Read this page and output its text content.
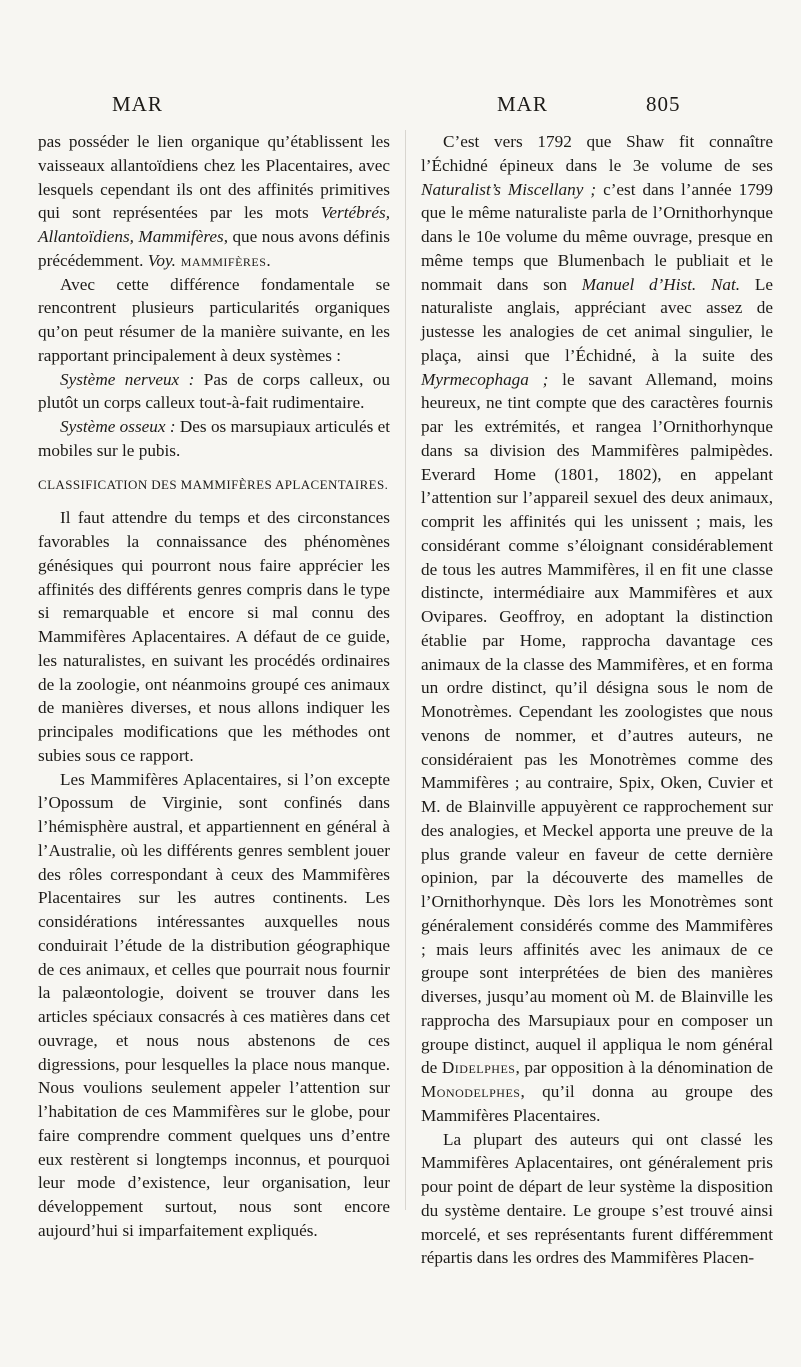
MAR	MAR	805

pas posséder le lien organique qu’établissent les vaisseaux allantoïdiens chez les Placentaires, avec lesquels cependant ils ont des affinités primitives qui sont représentées par les mots Vertébrés, Allantoïdiens, Mammifères, que nous avons définis précédemment. Voy. mammifères.

Avec cette différence fondamentale se rencontrent plusieurs particularités organiques qu’on peut résumer de la manière suivante, en les rapportant principalement à deux systèmes :

Système nerveux : Pas de corps calleux, ou plutôt un corps calleux tout-à-fait rudimentaire.

Système osseux : Des os marsupiaux articulés et mobiles sur le pubis.

CLASSIFICATION DES MAMMIFÈRES APLACENTAIRES.

Il faut attendre du temps et des circonstances favorables la connaissance des phénomènes génésiques qui pourront nous faire apprécier les affinités des différents genres compris dans le type si remarquable et encore si mal connu des Mammifères Aplacentaires. A défaut de ce guide, les naturalistes, en suivant les procédés ordinaires de la zoologie, ont néanmoins groupé ces animaux de manières diverses, et nous allons indiquer les principales modifications que les méthodes ont subies sous ce rapport.

Les Mammifères Aplacentaires, si l’on excepte l’Opossum de Virginie, sont confinés dans l’hémisphère austral, et appartiennent en général à l’Australie, où les différents genres semblent jouer des rôles correspondant à ceux des Mammifères Placentaires sur les autres continents. Les considérations intéressantes auxquelles nous conduirait l’étude de la distribution géographique de ces animaux, et celles que pourrait nous fournir la palæontologie, doivent se trouver dans les articles spéciaux consacrés à ces matières dans cet ouvrage, et nous nous abstenons de ces digressions, pour lesquelles la place nous manque. Nous voulions seulement appeler l’attention sur l’habitation de ces Mammifères sur le globe, pour faire comprendre comment quelques uns d’entre eux restèrent si longtemps inconnus, et pourquoi leur mode d’existence, leur organisation, leur développement surtout, nous sont encore aujourd’hui si imparfaitement expliqués.

C’est vers 1792 que Shaw fit connaître l’Échidné épineux dans le 3e volume de ses Naturalist’s Miscellany ; c’est dans l’année 1799 que le même naturaliste parla de l’Ornithorhynque dans le 10e volume du même ouvrage, presque en même temps que Blumenbach le publiait et le nommait dans son Manuel d’Hist. Nat. Le naturaliste anglais, appréciant avec assez de justesse les analogies de cet animal singulier, le plaça, ainsi que l’Échidné, à la suite des Myrmecophaga ; le savant Allemand, moins heureux, ne tint compte que des caractères fournis par les extrémités, et rangea l’Ornithorhynque dans sa division des Mammifères palmipèdes. Everard Home (1801, 1802), en appelant l’attention sur l’appareil sexuel des deux animaux, comprit les affinités qui les unissent ; mais, les considérant comme s’éloignant considérablement de tous les autres Mammifères, il en fit une classe distincte, intermédiaire aux Mammifères et aux Ovipares. Geoffroy, en adoptant la distinction établie par Home, rapprocha davantage ces animaux de la classe des Mammifères, et en forma un ordre distinct, qu’il désigna sous le nom de Monotrèmes. Cependant les zoologistes que nous venons de nommer, et d’autres auteurs, ne considéraient pas les Monotrèmes comme des Mammifères ; au contraire, Spix, Oken, Cuvier et M. de Blainville appuyèrent ce rapprochement sur des analogies, et Meckel apporta une preuve de la plus grande valeur en faveur de cette dernière opinion, par la découverte des mamelles de l’Ornithorhynque. Dès lors les Monotrèmes sont généralement considérés comme des Mammifères ; mais leurs affinités avec les animaux de ce groupe sont interprétées de bien des manières diverses, jusqu’au moment où M. de Blainville les rapprocha des Marsupiaux pour en composer un groupe distinct, auquel il appliqua le nom général de Didelphes, par opposition à la dénomination de Monodelphes, qu’il donna au groupe des Mammifères Placentaires.

La plupart des auteurs qui ont classé les Mammifères Aplacentaires, ont généralement pris pour point de départ de leur système la disposition du système dentaire. Le groupe s’est trouvé ainsi morcelé, et ses représentants furent différemment répartis dans les ordres des Mammifères Placen-
